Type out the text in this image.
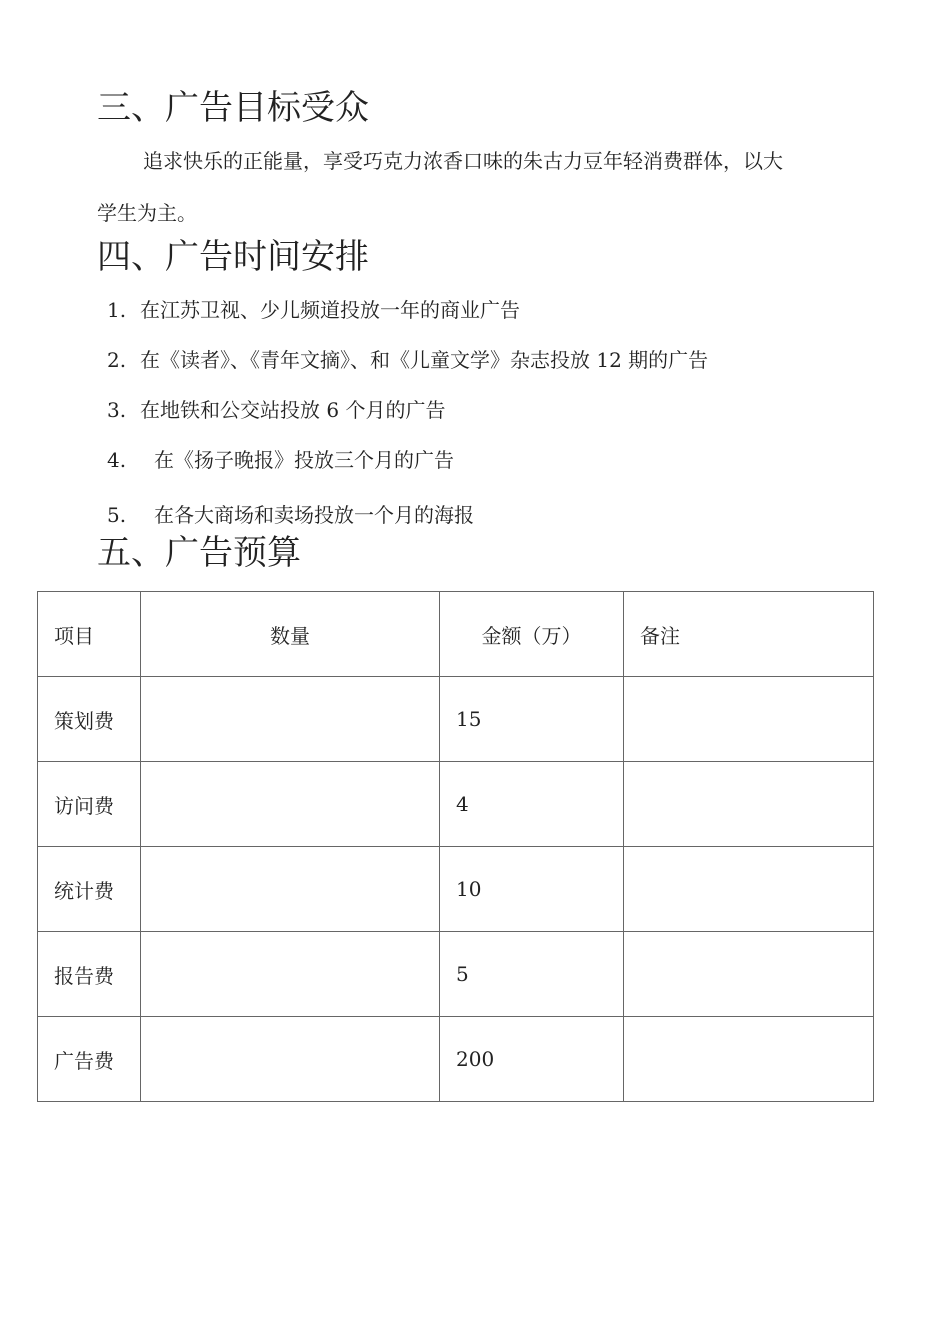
三、广告目标受众
追求快乐的正能量，享受巧克力浓香口味的朱古力豆年轻消费群体，以大
学生为主。
四、广告时间安排
1. 在江苏卫视、少儿频道投放一年的商业广告
2. 在《读者》、《青年文摘》、和《儿童文学》杂志投放 12 期的广告
3. 在地铁和公交站投放 6 个月的广告
4. 在《扬子晚报》投放三个月的广告
5. 在各大商场和卖场投放一个月的海报
五、广告预算
项目	数量	金额（万）	备注
策划费		15	
访问费		4	
统计费		10	
报告费		5	
广告费		200	
